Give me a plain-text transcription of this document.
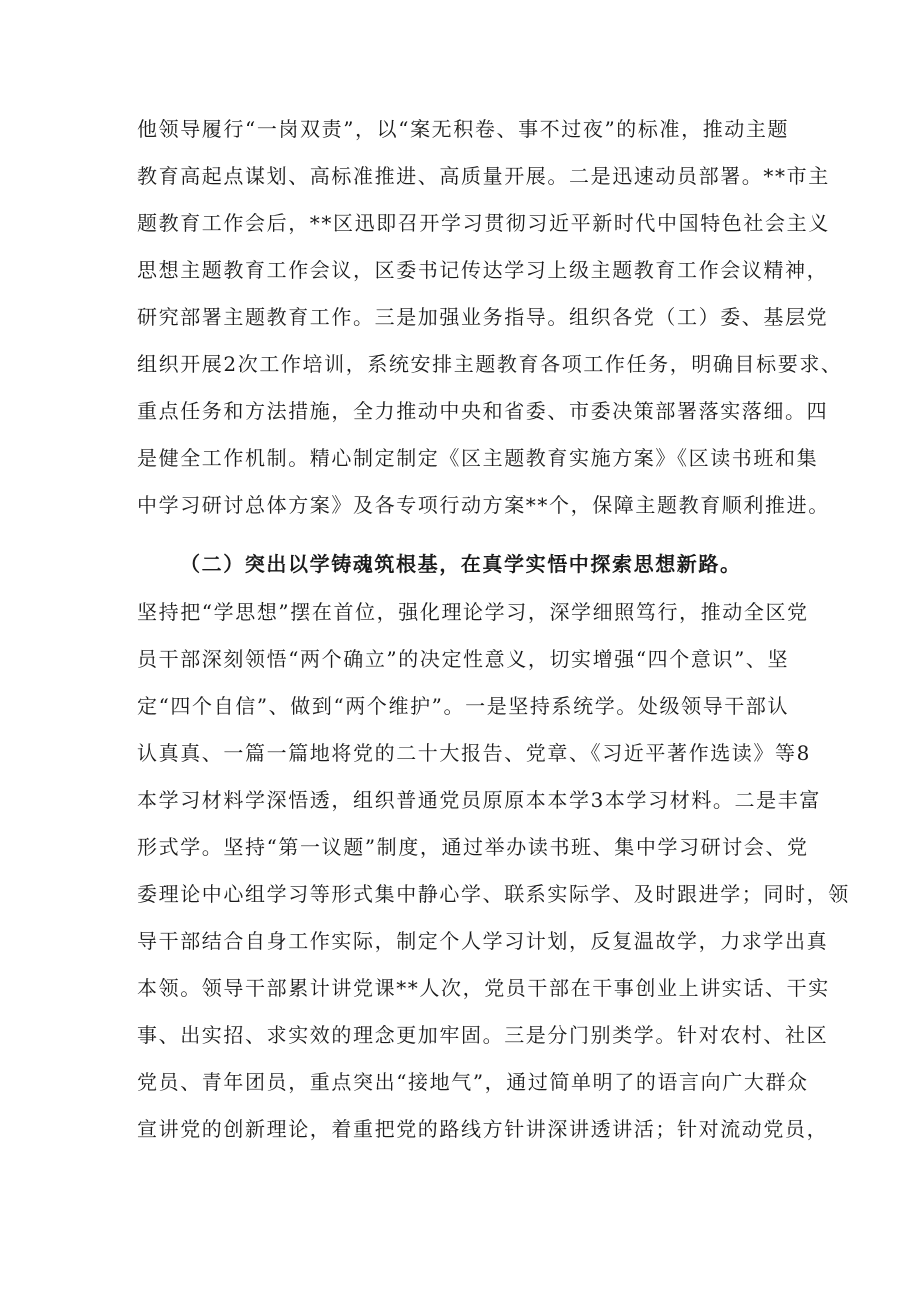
他领导履行“一岗双责”，以“案无积卷、事不过夜”的标准，推动主题
教育高起点谋划、高标准推进、高质量开展。二是迅速动员部署。**市主
题教育工作会后，**区迅即召开学习贯彻习近平新时代中国特色社会主义
思想主题教育工作会议，区委书记传达学习上级主题教育工作会议精神，
研究部署主题教育工作。三是加强业务指导。组织各党（工）委、基层党
组织开展2次工作培训，系统安排主题教育各项工作任务，明确目标要求、
重点任务和方法措施，全力推动中央和省委、市委决策部署落实落细。四
是健全工作机制。精心制定制定《区主题教育实施方案》《区读书班和集
中学习研讨总体方案》及各专项行动方案**个，保障主题教育顺利推进。
（二）突出以学铸魂筑根基，在真学实悟中探索思想新路。
坚持把“学思想”摆在首位，强化理论学习，深学细照笃行，推动全区党
员干部深刻领悟“两个确立”的决定性意义，切实增强“四个意识”、坚
定“四个自信”、做到“两个维护”。一是坚持系统学。处级领导干部认
认真真、一篇一篇地将党的二十大报告、党章、《习近平著作选读》等8
本学习材料学深悟透，组织普通党员原原本本学3本学习材料。二是丰富
形式学。坚持“第一议题”制度，通过举办读书班、集中学习研讨会、党
委理论中心组学习等形式集中静心学、联系实际学、及时跟进学；同时，领
导干部结合自身工作实际，制定个人学习计划，反复温故学，力求学出真
本领。领导干部累计讲党课**人次，党员干部在干事创业上讲实话、干实
事、出实招、求实效的理念更加牢固。三是分门别类学。针对农村、社区
党员、青年团员，重点突出“接地气”，通过简单明了的语言向广大群众
宣讲党的创新理论，着重把党的路线方针讲深讲透讲活；针对流动党员，
